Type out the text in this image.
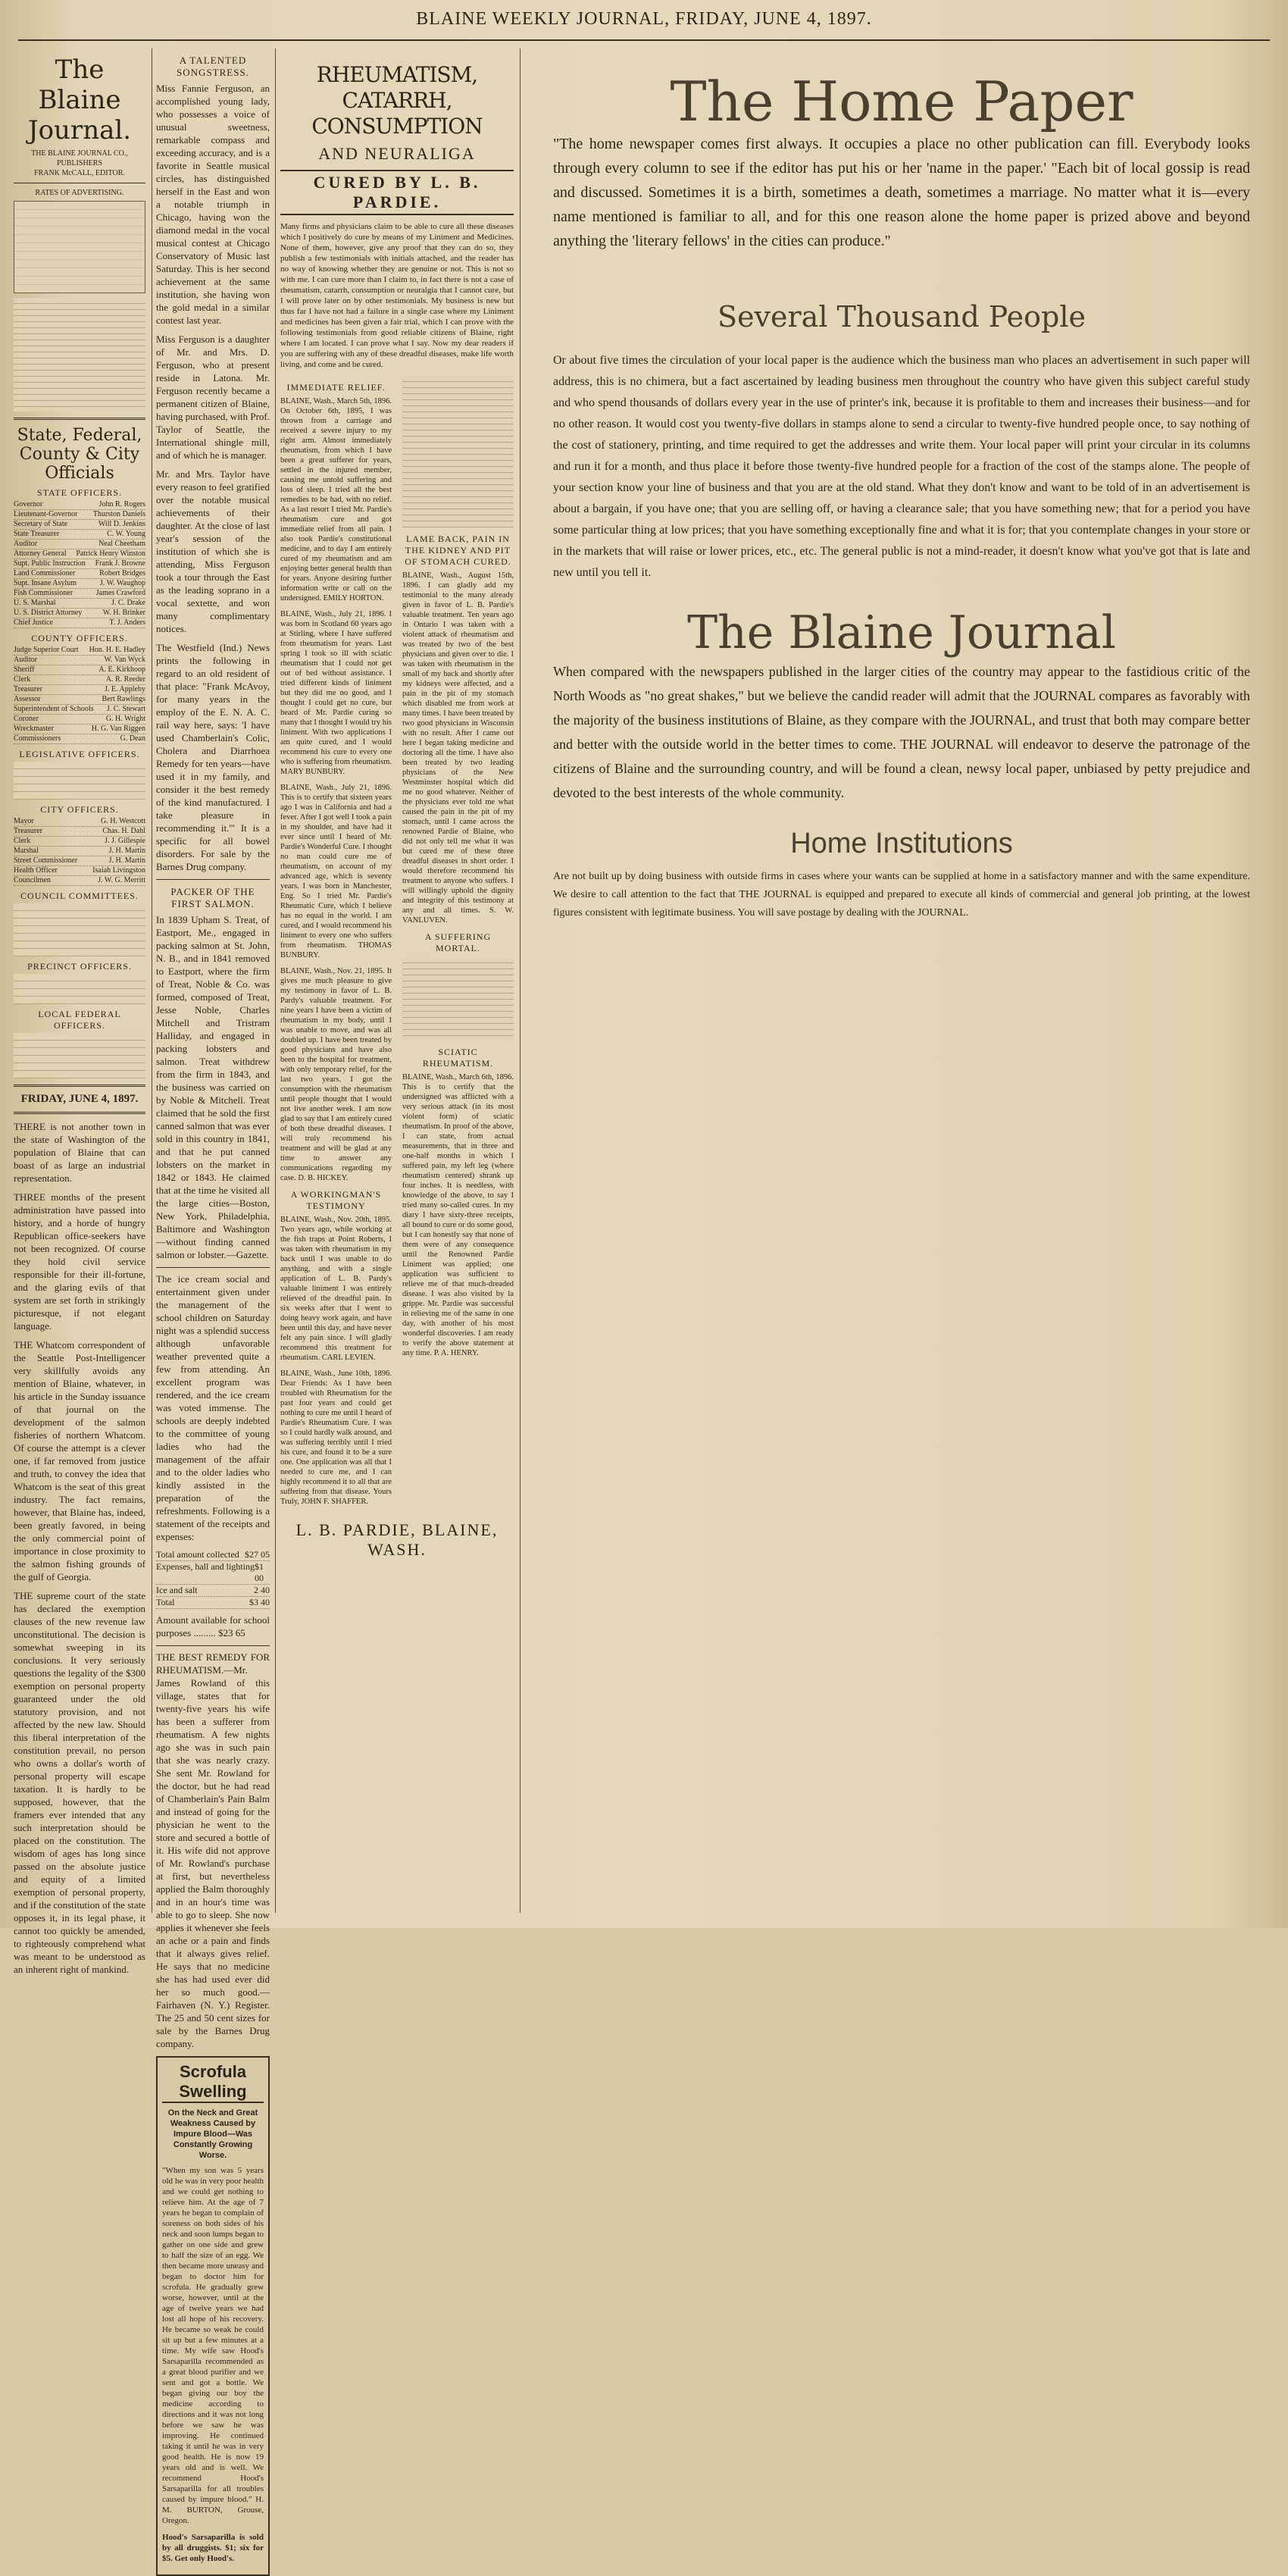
BLAINE WEEKLY JOURNAL, FRIDAY, JUNE 4, 1897.
The Blaine Journal.
THE BLAINE JOURNAL CO., PUBLISHERS
FRANK McCALL, EDITOR.
RATES OF ADVERTISING.
State, Federal, County & City Officials
STATE OFFICERS.
Governor	John R. Rogers
Lieutenant-Governor Thurston Daniels
Secretary of State	Will D. Jenkins
State Treasurer	C. W. Young
Auditor	Neal Cheetham
Attorney General Patrick Henry Winston
Supt. Public Instruction Frank J. Browne
Land Commissioner	Robert Bridges
Supt. Insane Asylum	J. W. Waughop
Fish Commissioner	James Crawford
U. S. Marshal	J. C. Drake
U. S. District Attorney	W. H. Brinker
Chief Justice	T. J. Anders
COUNTY OFFICERS.
Judge Superior Court Hon. H. E. Hadley
Auditor	W. Van Wyck
Sheriff	A. E. Kirkhoop
Clerk	A. R. Reeder
Treasurer	J. E. Appleby
Assessor	Bert Rawlings
Superintendent of Schools J. C. Stewart
Coroner	G. H. Wright
Wreckmaster	H. G. Van Riggen
Commissioners	G. Dean
LEGISLATIVE OFFICERS.
CITY OFFICERS.
Mayor	G. H. Westcott
Treasurer	Chas. H. Dahl
Clerk	J. J. Gillespie
Marshal	J. H. Martin
Street Commissioner	J. H. Martin
Health Officer	Isaiah Livingston
Councilmen	J. W. G. Merritt
COUNCIL COMMITTEES.
PRECINCT OFFICERS.
LOCAL FEDERAL OFFICERS.
FRIDAY, JUNE 4, 1897.

THERE is not another town in the state of Washington of the population of Blaine that can boast of as large an industrial representation.

THREE months of the present administration have passed into history, and a horde of hungry Republican office-seekers have not been recognized. Of course they hold civil service responsible for their ill-fortune, and the glaring evils of that system are set forth in strikingly picturesque, if not elegant language.

THE Whatcom correspondent of the Seattle Post-Intelligencer very skillfully avoids any mention of Blaine, whatever, in his article in the Sunday issuance of that journal on the development of the salmon fisheries of northern Whatcom. Of course the attempt is a clever one, if far removed from justice and truth, to convey the idea that Whatcom is the seat of this great industry. The fact remains, however, that Blaine has, indeed, been greatly favored, in being the only commercial point of importance in close proximity to the salmon fishing grounds of the gulf of Georgia.

THE supreme court of the state has declared the exemption clauses of the new revenue law unconstitutional. The decision is somewhat sweeping in its conclusions. It very seriously questions the legality of the $300 exemption on personal property guaranteed under the old statutory provision, and not affected by the new law. Should this liberal interpretation of the constitution prevail, no person who owns a dollar's worth of personal property will escape taxation. It is hardly to be supposed, however, that the framers ever intended that any such interpretation should be placed on the constitution. The wisdom of ages has long since passed on the absolute justice and equity of a limited exemption of personal property, and if the constitution of the state opposes it, in its legal phase, it cannot too quickly be amended, to righteously comprehend what was meant to be understood as an inherent right of mankind.

A TALENTED SONGSTRESS.

Miss Fannie Ferguson, an accomplished young lady, who possesses a voice of unusual sweetness, remarkable compass and exceeding accuracy, and is a favorite in Seattle musical circles, has distinguished herself in the East and won a notable triumph in Chicago, having won the diamond medal in the vocal musical contest at Chicago Conservatory of Music last Saturday. This is her second achievement at the same institution, she having won the gold medal in a similar contest last year.

Miss Ferguson is a daughter of Mr. and Mrs. D. Ferguson, who at present reside in Latona. Mr. Ferguson recently became a permanent citizen of Blaine, having purchased, with Prof. Taylor of Seattle, the International shingle mill, and of which he is manager.

Mr. and Mrs. Taylor have every reason to feel gratified over the notable musical achievements of their daughter. At the close of last year's session of the institution of which she is attending, Miss Ferguson took a tour through the East as the leading soprano in a vocal sextette, and won many complimentary notices.

The Westfield (Ind.) News prints the following in regard to an old resident of that place: "Frank McAvoy, for many years in the employ of the E. N. A. C. rail way here, says: 'I have used Chamberlain's Colic, Cholera and Diarrhoea Remedy for ten years—have used it in my family, and consider it the best remedy of the kind manufactured. I take pleasure in recommending it.'" It is a specific for all bowel disorders. For sale by the Barnes Drug company.

PACKER OF THE FIRST SALMON.

In 1839 Upham S. Treat, of Eastport, Me., engaged in packing salmon at St. John, N. B., and in 1841 removed to Eastport, where the firm of Treat, Noble & Co. was formed, composed of Treat, Jesse Noble, Charles Mitchell and Tristram Halliday, and engaged in packing lobsters and salmon. Treat withdrew from the firm in 1843, and the business was carried on by Noble & Mitchell. Treat claimed that he sold the first canned salmon that was ever sold in this country in 1841, and that he put canned lobsters on the market in 1842 or 1843. He claimed that at the time he visited all the large cities—Boston, New York, Philadelphia, Baltimore and Washington—without finding canned salmon or lobster.—Gazette.

The ice cream social and entertainment given under the management of the school children on Saturday night was a splendid success although unfavorable weather prevented quite a few from attending. An excellent program was rendered, and the ice cream was voted immense. The schools are deeply indebted to the committee of young ladies who had the management of the affair and to the older ladies who kindly assisted in the preparation of the refreshments. Following is a statement of the receipts and expenses:

Total amount collected $27 05
Expenses, hall and lighting $1 00
Ice and salt	2 40
Total	$3 40

Amount available for school purposes ......... $23 65

THE BEST REMEDY FOR RHEUMATISM.—Mr. James Rowland of this village, states that for twenty-five years his wife has been a sufferer from rheumatism. A few nights ago she was in such pain that she was nearly crazy. She sent Mr. Rowland for the doctor, but he had read of Chamberlain's Pain Balm and instead of going for the physician he went to the store and secured a bottle of it. His wife did not approve of Mr. Rowland's purchase at first, but nevertheless applied the Balm thoroughly and in an hour's time was able to go to sleep. She now applies it whenever she feels an ache or a pain and finds that it always gives relief. He says that no medicine she has had used ever did her so much good.—Fairhaven (N. Y.) Register. The 25 and 50 cent sizes for sale by the Barnes Drug company.

Scrofula Swelling
On the Neck and Great Weakness Caused by Impure Blood—Was Constantly Growing Worse.

"When my son was 5 years old he was in very poor health and we could get nothing to relieve him. At the age of 7 years he began to complain of soreness on both sides of his neck and soon lumps began to gather on one side and grew to half the size of an egg. We then became more uneasy and began to doctor him for scrofula. He gradually grew worse, however, until at the age of twelve years we had lost all hope of his recovery. He became so weak he could sit up but a few minutes at a time. My wife saw Hood's Sarsaparilla recommended as a great blood purifier and we sent and got a bottle. We began giving our boy the medicine according to directions and it was not long before we saw he was improving. He continued taking it until he was in very good health. He is now 19 years old and is well. We recommend Hood's Sarsaparilla for all troubles caused by impure blood." H. M. BURTON, Grouse, Oregon.

Hood's Sarsaparilla is sold by all druggists. $1; six for $5. Get only Hood's.

RHEUMATISM, CATARRH, CONSUMPTION
AND NEURALIGA
CURED BY L. B. PARDIE.

Many firms and physicians claim to be able to cure all these diseases which I positively do cure by means of my Liniment and Medicines. None of them, however, give any proof that they can do so, they publish a few testimonials with initials attached, and the reader has no way of knowing whether they are genuine or not. This is not so with me. I can cure more than I claim to, in fact there is not a case of rheumatism, catarrh, consumption or neuralgia that I cannot cure, but I will prove later on by other testimonials. My business is new but thus far I have not had a failure in a single case where my Liniment and medicines has been given a fair trial, which I can prove with the following testimonials from good reliable citizens of Blaine, right where I am located. I can prove what I say. Now my dear readers if you are suffering with any of these dreadful diseases, make life worth living, and come and be cured.

IMMEDIATE RELIEF.

BLAINE, Wash., March 5th, 1896. On October 6th, 1895, I was thrown from a carriage and received a severe injury to my right arm. Almost immediately rheumatism, from which I have been a great sufferer for years, settled in the injured member, causing me untold suffering and loss of sleep. I tried all the best remedies to be had, with no relief. As a last resort I tried Mr. Pardie's rheumatism cure and got immediate relief from all pain. I also took Pardie's constitutional medicine, and to day I am entirely cured of my rheumatism and am enjoying better general health than for years. Anyone desiring further information write or call on the undersigned. EMILY HORTON.

BLAINE, Wash., July 21, 1896. I was born in Scotland 60 years ago at Stirling, where I have suffered from rheumatism for years. Last spring I took so ill with sciatic rheumatism that I could not get out of bed without assistance. I tried different kinds of liniment but they did me no good, and I thought I could get no cure, but heard of Mr. Pardie curing so many that I thought I would try his liniment. With two applications I am quite cured, and I would recommend his cure to every one who is suffering from rheumatism. MARY BUNBURY.

BLAINE, Wash., July 21, 1896. This is to certify that sixteen years ago I was in California and had a fever. After I got well I took a pain in my shoulder, and have had it ever since until I heard of Mr. Pardie's Wonderful Cure. I thought no man could cure me of rheumatism, on account of my advanced age, which is seventy years. I was born in Manchester, Eng. So I tried Mr. Pardie's Rheumatic Cure, which I believe has no equal in the world. I am cured, and I would recommend his liniment to every one who suffers from rheumatism. THOMAS BUNBURY.

BLAINE, Wash., Nov. 21, 1895. It gives me much pleasure to give my testimony in favor of L. B. Pardy's valuable treatment. For nine years I have been a victim of rheumatism in my body, until I was unable to move, and was all doubled up. I have been treated by good physicians and have also been to the hospital for treatment, with only temporary relief, for the last two years. I got the consumption with the rheumatism until people thought that I would not live another week. I am now glad to say that I am entirely cured of both these dreadful diseases. I will truly recommend his treatment and will be glad at any time to answer any communications regarding my case. D. B. HICKEY.

A WORKINGMAN'S TESTIMONY

BLAINE, Wash., Nov. 20th, 1895. Two years ago, while working at the fish traps at Point Roberts, I was taken with rheumatism in my back until I was unable to do anything, and with a single application of L. B. Pardy's valuable liniment I was entirely relieved of the dreadful pain. In six weeks after that I went to doing heavy work again, and have been until this day, and have never felt any pain since. I will gladly recommend this treatment for rheumatism. CARL LEVIEN.

BLAINE, Wash., June 10th, 1896. Dear Friends: As I have been troubled with Rheumatism for the past four years and could get nothing to cure me until I heard of Pardie's Rheumatism Cure. I was so I could hardly walk around, and was suffering terribly until I tried his cure, and found it to be a sure one. One application was all that I needed to cure me, and I can highly recommend it to all that are suffering from that disease. Yours Truly, JOHN F. SHAFFER.

LAME BACK, PAIN IN THE KIDNEY AND PIT OF STOMACH CURED.

BLAINE, Wash., August 15th, 1896. I can gladly add my testimonial to the many already given in favor of L. B. Pardie's valuable treatment. Ten years ago in Ontario I was taken with a violent attack of rheumatism and was treated by two of the best physicians and given over to die. I was taken with rheumatism in the small of my back and shortly after my kidneys were affected, and a pain in the pit of my stomach which disabled me from work at many times. I have been treated by two good physicians in Wisconsin with no result. After I came out here I began taking medicine and doctoring all the time. I have also been treated by two leading physicians of the New Westminster hospital which did me no good whatever. Neither of the physicians ever told me what caused the pain in the pit of my stomach, until I came across the renowned Pardie of Blaine, who did not only tell me what it was but cured me of these three dreadful diseases in short order. I would therefore recommend his treatment to anyone who suffers. I will willingly uphold the dignity and integrity of this testimony at any and all times. S. W. VANLUVEN.

A SUFFERING MORTAL.
SCIATIC RHEUMATISM.

BLAINE, Wash., March 6th, 1896. This is to certify that the undersigned was afflicted with a very serious attack (in its most violent form) of sciatic rheumatism. In proof of the above, I can state, from actual measurements, that in three and one-half months in which I suffered pain, my left leg (where rheumatism centered) shrank up four inches. It is needless, with knowledge of the above, to say I tried many so-called cures. In my diary I have sixty-three receipts, all bound to cure or do some good, but I can honestly say that none of them were of any consequence until the Renowned Pardie Liniment was applied; one application was sufficient to relieve me of that much-dreaded disease. I was also visited by la grippe. Mr. Pardie was successful in relieving me of the same in one day, with another of his most wonderful discoveries. I am ready to verify the above statement at any time. P. A. HENRY.

L. B. PARDIE, BLAINE, WASH.
The Home Paper

"The home newspaper comes first always. It occupies a place no other publication can fill. Everybody looks through every column to see if the editor has put his or her 'name in the paper.' "Each bit of local gossip is read and discussed. Sometimes it is a birth, sometimes a death, sometimes a marriage. No matter what it is—every name mentioned is familiar to all, and for this one reason alone the home paper is prized above and beyond anything the 'literary fellows' in the cities can produce."

Several Thousand People

Or about five times the circulation of your local paper is the audience which the business man who places an advertisement in such paper will address, this is no chimera, but a fact ascertained by leading business men throughout the country who have given this subject careful study and who spend thousands of dollars every year in the use of printer's ink, because it is profitable to them and increases their business—and for no other reason. It would cost you twenty-five dollars in stamps alone to send a circular to twenty-five hundred people once, to say nothing of the cost of stationery, printing, and time required to get the addresses and write them. Your local paper will print your circular in its columns and run it for a month, and thus place it before those twenty-five hundred people for a fraction of the cost of the stamps alone. The people of your section know your line of business and that you are at the old stand. What they don't know and want to be told of in an advertisement is about a bargain, if you have one; that you are selling off, or having a clearance sale; that you have something new; that for a period you have some particular thing at low prices; that you have something exceptionally fine and what it is for; that you contemplate changes in your store or in the markets that will raise or lower prices, etc., etc. The general public is not a mind-reader, it doesn't know what you've got that is late and new until you tell it.

The Blaine Journal

When compared with the newspapers published in the larger cities of the country may appear to the fastidious critic of the North Woods as "no great shakes," but we believe the candid reader will admit that the JOURNAL compares as favorably with the majority of the business institutions of Blaine, as they compare with the JOURNAL, and trust that both may compare better and better with the outside world in the better times to come. THE JOURNAL will endeavor to deserve the patronage of the citizens of Blaine and the surrounding country, and will be found a clean, newsy local paper, unbiased by petty prejudice and devoted to the best interests of the whole community.

Home Institutions

Are not built up by doing business with outside firms in cases where your wants can be supplied at home in a satisfactory manner and with the same expenditure. We desire to call attention to the fact that THE JOURNAL is equipped and prepared to execute all kinds of commercial and general job printing, at the lowest figures consistent with legitimate business. You will save postage by dealing with the JOURNAL.
